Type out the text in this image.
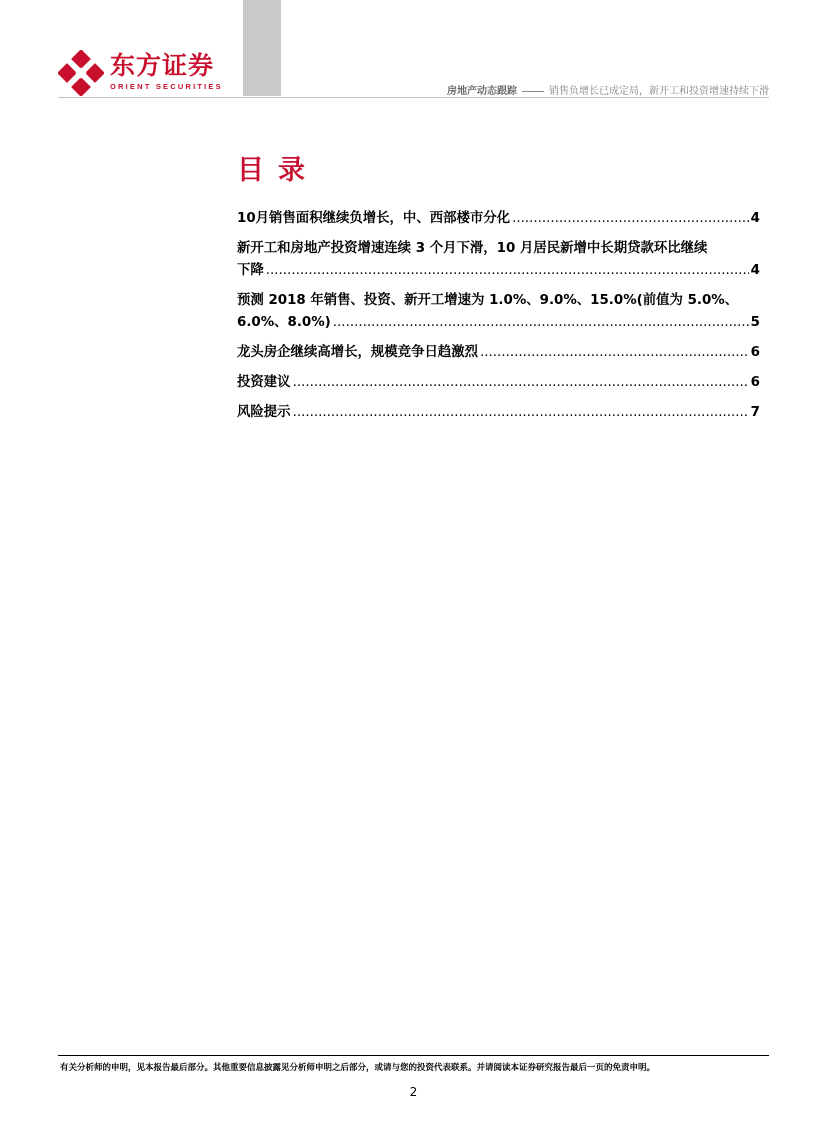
东方证券
ORIENT SECURITIES	房地产动态跟踪	销售负增长已成定局，新开工和投资增速持续下滑
目录
10月销售面积继续负增长，中、西部楼市分化 .....	4
新开工和房地产投资增速连续 3 个月下滑，10 月居民新增中长期贷款环比继续
下降 .....	4
预测 2018 年销售、投资、新开工增速为 1.0%、9.0%、15.0%(前值为 5.0%、
6.0%、8.0%) .....	5
龙头房企继续高增长，规模竞争日趋激烈 .....	6
投资建议 .....	6
风险提示 .....	7
有关分析师的申明，见本报告最后部分。其他重要信息披露见分析师申明之后部分，或请与您的投资代表联系。并请阅读本证券研究报告最后一页的免责申明。
2
